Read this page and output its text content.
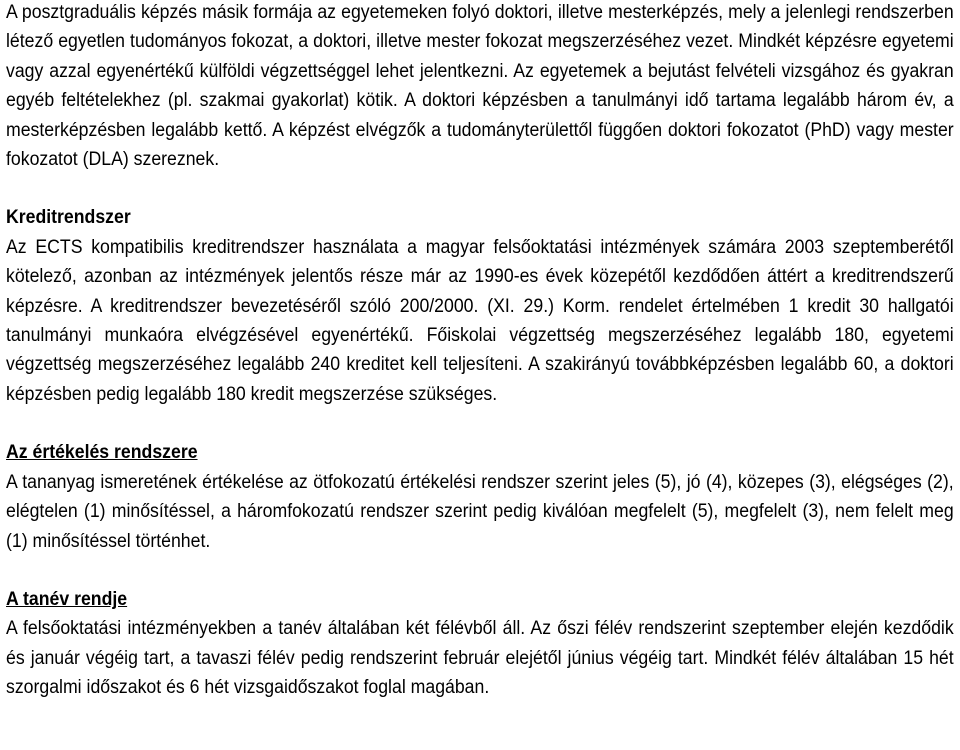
A posztgraduális képzés másik formája az egyetemeken folyó doktori, illetve mesterképzés, mely a jelenlegi rendszerben létező egyetlen tudományos fokozat, a doktori, illetve mester fokozat megszerzéséhez vezet. Mindkét képzésre egyetemi vagy azzal egyenértékű külföldi végzettséggel lehet jelentkezni. Az egyetemek a bejutást felvételi vizsgához és gyakran egyéb feltételekhez (pl. szakmai gyakorlat) kötik. A doktori képzésben a tanulmányi idő tartama legalább három év, a mesterképzésben legalább kettő. A képzést elvégzők a tudományterülettől függően doktori fokozatot (PhD) vagy mester fokozatot (DLA) szereznek.

Kreditrendszer

Az ECTS kompatibilis kreditrendszer használata a magyar felsőoktatási intézmények számára 2003 szeptemberétől kötelező, azonban az intézmények jelentős része már az 1990-es évek közepétől kezdődően áttért a kreditrendszerű képzésre. A kreditrendszer bevezetéséről szóló 200/2000. (XI. 29.) Korm. rendelet értelmében 1 kredit 30 hallgatói tanulmányi munkaóra elvégzésével egyenértékű. Főiskolai végzettség megszerzéséhez legalább 180, egyetemi végzettség megszerzéséhez legalább 240 kreditet kell teljesíteni. A szakirányú továbbképzésben legalább 60, a doktori képzésben pedig legalább 180 kredit megszerzése szükséges.

Az értékelés rendszere

A tananyag ismeretének értékelése az ötfokozatú értékelési rendszer szerint jeles (5), jó (4), közepes (3), elégséges (2), elégtelen (1) minősítéssel, a háromfokozatú rendszer szerint pedig kiválóan megfelelt (5), megfelelt (3), nem felelt meg (1) minősítéssel történhet.

A tanév rendje

A felsőoktatási intézményekben a tanév általában két félévből áll. Az őszi félév rendszerint szeptember elején kezdődik és január végéig tart, a tavaszi félév pedig rendszerint február elejétől június végéig tart. Mindkét félév általában 15 hét szorgalmi időszakot és 6 hét vizsgaidőszakot foglal magában.
